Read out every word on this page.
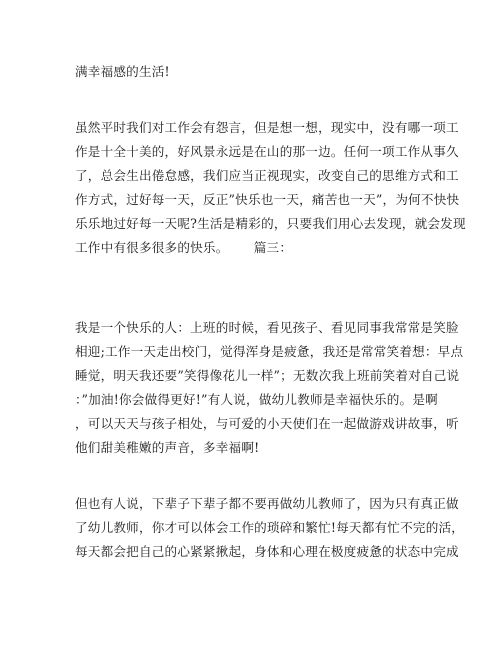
满幸福感的生活!
虽然平时我们对工作会有怨言，但是想一想，现实中，没有哪一项工
作是十全十美的，好风景永远是在山的那一边。任何一项工作从事久
了，总会生出倦怠感，我们应当正视现实，改变自己的思维方式和工
作方式，过好每一天，反正”快乐也一天，痛苦也一天”，为何不快快
乐乐地过好每一天呢?生活是精彩的，只要我们用心去发现，就会发现
工作中有很多很多的快乐。      篇三：
我是一个快乐的人：上班的时候，看见孩子、看见同事我常常是笑脸
相迎;工作一天走出校门，觉得浑身是疲惫，我还是常常笑着想：早点
睡觉，明天我还要”笑得像花儿一样”；无数次我上班前笑着对自己说
：”加油!你会做得更好!”有人说，做幼儿教师是幸福快乐的。是啊
，可以天天与孩子相处，与可爱的小天使们在一起做游戏讲故事，听
他们甜美稚嫩的声音，多幸福啊!
但也有人说，下辈子下辈子都不要再做幼儿教师了，因为只有真正做
了幼儿教师，你才可以体会工作的琐碎和繁忙!每天都有忙不完的活，
每天都会把自己的心紧紧揪起，身体和心理在极度疲惫的状态中完成
